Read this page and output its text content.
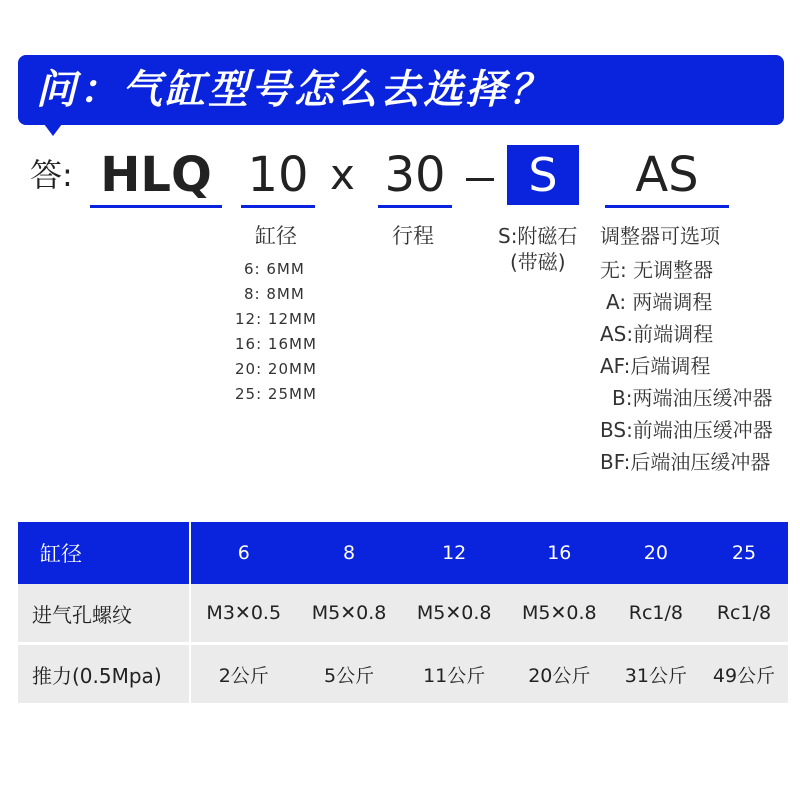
问：气缸型号怎么去选择？
答: HLQ 10 x 30	S	AS
缸径	行程	S:附磁石
(带磁)
调整器可选项
6: 6MM
8: 8MM
12: 12MM
16: 16MM
20: 20MM
25: 25MM
无: 无调整器
A: 两端调程
AS:前端调程
AF:后端调程
B:两端油压缓冲器
BS:前端油压缓冲器
BF:后端油压缓冲器
缸径	6	8	12	16	20	25
进气孔螺纹	M3✕0.5	M5✕0.8	M5✕0.8	M5✕0.8	Rc1/8	Rc1/8
推力(0.5Mpa)	2公斤	5公斤	11公斤	20公斤	31公斤	49公斤
